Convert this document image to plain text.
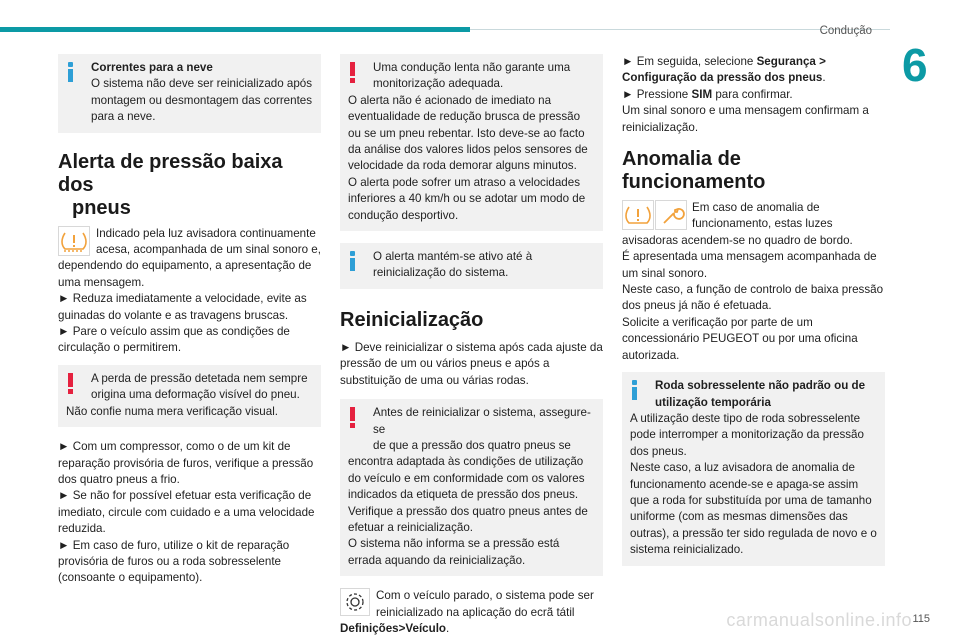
Condução
6

Correntes para a neve

O sistema não deve ser reinicializado após montagem ou desmontagem das correntes para a neve.

Alerta de pressão baixa dos
pneus

Indicado pela luz avisadora continuamente

acesa, acompanhada de um sinal sonoro e,

dependendo do equipamento, a apresentação de uma mensagem.

► Reduza imediatamente a velocidade, evite as guinadas do volante e as travagens bruscas.

► Pare o veículo assim que as condições de circulação o permitirem.

A perda de pressão detetada nem sempre

origina uma deformação visível do pneu.

Não confie numa mera verificação visual.

► Com um compressor, como o de um kit de reparação provisória de furos, verifique a pressão dos quatro pneus a frio.

► Se não for possível efetuar esta verificação de imediato, circule com cuidado e a uma velocidade reduzida.

► Em caso de furo, utilize o kit de reparação provisória de furos ou a roda sobresselente (consoante o equipamento).

Uma condução lenta não garante uma

monitorização adequada.

O alerta não é acionado de imediato na eventualidade de redução brusca de pressão ou se um pneu rebentar. Isto deve-se ao facto da análise dos valores lidos pelos sensores de velocidade da roda demorar alguns minutos.

O alerta pode sofrer um atraso a velocidades inferiores a 40 km/h ou se adotar um modo de condução desportivo.

O alerta mantém-se ativo até à

reinicialização do sistema.

Reinicialização

► Deve reinicializar o sistema após cada ajuste da pressão de um ou vários pneus e após a substituição de uma ou várias rodas.

Antes de reinicializar o sistema, assegure-se

de que a pressão dos quatro pneus se

encontra adaptada às condições de utilização do veículo e em conformidade com os valores indicados da etiqueta de pressão dos pneus.

Verifique a pressão dos quatro pneus antes de efetuar a reinicialização.

O sistema não informa se a pressão está errada aquando da reinicialização.

Com o veículo parado, o sistema pode ser

reinicializado na aplicação do ecrã tátil

Definições>Veículo.

► Em seguida, selecione Segurança > Configuração da pressão dos pneus.

► Pressione SIM para confirmar.

Um sinal sonoro e uma mensagem confirmam a reinicialização.

Anomalia de funcionamento

Em caso de anomalia de

funcionamento, estas luzes

avisadoras acendem-se no quadro de bordo.

É apresentada uma mensagem acompanhada de um sinal sonoro.

Neste caso, a função de controlo de baixa pressão dos pneus já não é efetuada.

Solicite a verificação por parte de um concessionário PEUGEOT ou por uma oficina autorizada.

Roda sobresselente não padrão ou de utilização temporária

A utilização deste tipo de roda sobresselente pode interromper a monitorização da pressão dos pneus.

Neste caso, a luz avisadora de anomalia de funcionamento acende-se e apaga-se assim que a roda for substituída por uma de tamanho uniforme (com as mesmas dimensões das outras), a pressão ter sido regulada de novo e o sistema reinicializado.

carmanualsonline.info 115
